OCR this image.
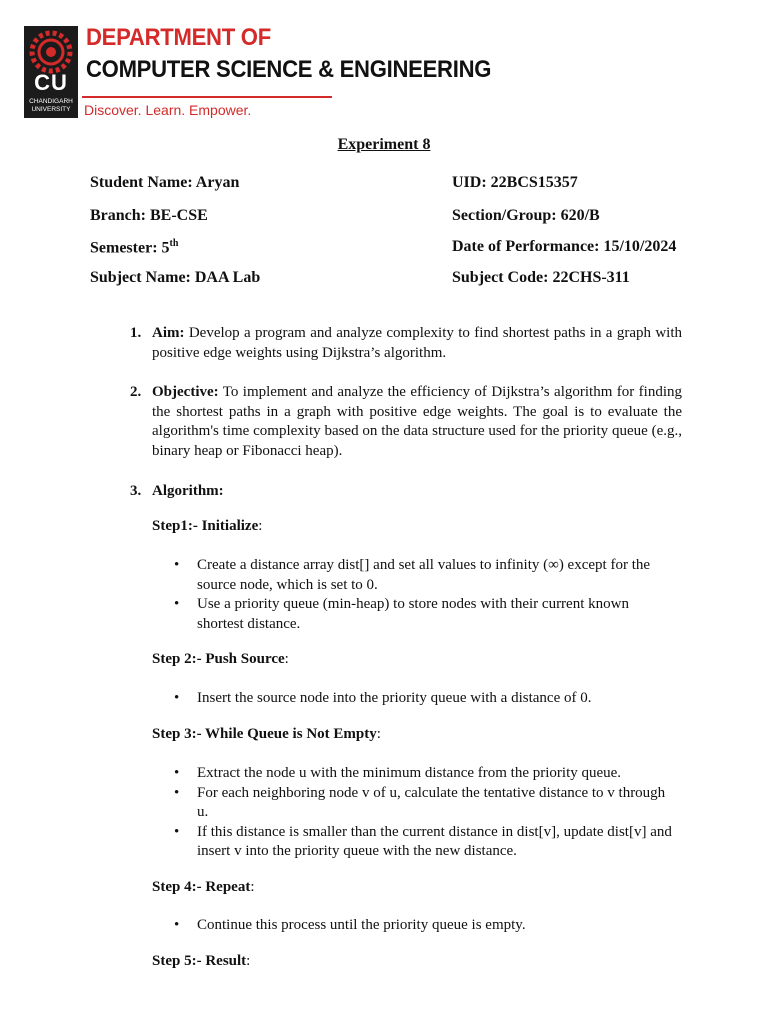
CU
CHANDIGARH UNIVERSITY
DEPARTMENT OF
COMPUTER SCIENCE & ENGINEERING
Discover. Learn. Empower.
Experiment 8
Student Name: Aryan	UID: 22BCS15357
Branch: BE-CSE	Section/Group: 620/B
Semester: 5th	Date of Performance: 15/10/2024
Subject Name: DAA Lab	Subject Code: 22CHS-311
1. Aim: Develop a program and analyze complexity to find shortest paths in a graph with positive edge weights using Dijkstra’s algorithm.
2. Objective: To implement and analyze the efficiency of Dijkstra’s algorithm for finding the shortest paths in a graph with positive edge weights. The goal is to evaluate the algorithm's time complexity based on the data structure used for the priority queue (e.g., binary heap or Fibonacci heap).
3. Algorithm:
Step1:- Initialize:
• Create a distance array dist[] and set all values to infinity (∞) except for the source node, which is set to 0.
• Use a priority queue (min-heap) to store nodes with their current known shortest distance.
Step 2:- Push Source:
• Insert the source node into the priority queue with a distance of 0.
Step 3:- While Queue is Not Empty:
• Extract the node u with the minimum distance from the priority queue.
• For each neighboring node v of u, calculate the tentative distance to v through u.
• If this distance is smaller than the current distance in dist[v], update dist[v] and insert v into the priority queue with the new distance.
Step 4:- Repeat:
• Continue this process until the priority queue is empty.
Step 5:- Result:
